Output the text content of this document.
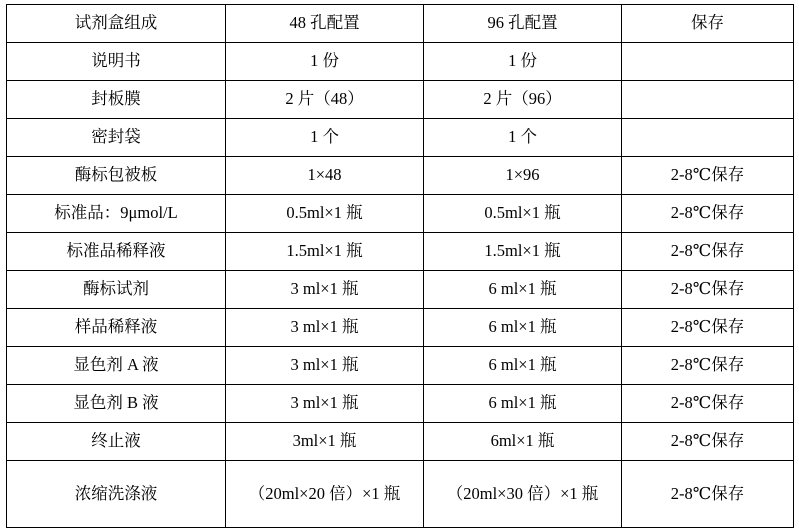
试剂盒组成	48 孔配置	96 孔配置	保存

说明书	1 份	1 份	

封板膜	2 片（48）	2 片（96）	

密封袋	1 个	1 个	

酶标包被板	1×48	1×96	2-8℃保存

标准品：9μmol/L	0.5ml×1 瓶	0.5ml×1 瓶	2-8℃保存

标准品稀释液	1.5ml×1 瓶	1.5ml×1 瓶	2-8℃保存

酶标试剂	3 ml×1 瓶	6 ml×1 瓶	2-8℃保存

样品稀释液	3 ml×1 瓶	6 ml×1 瓶	2-8℃保存

显色剂 A 液	3 ml×1 瓶	6 ml×1 瓶	2-8℃保存

显色剂 B 液	3 ml×1 瓶	6 ml×1 瓶	2-8℃保存

终止液	3ml×1 瓶	6ml×1 瓶	2-8℃保存

浓缩洗涤液	（20ml×20 倍）×1 瓶	（20ml×30 倍）×1 瓶	2-8℃保存
